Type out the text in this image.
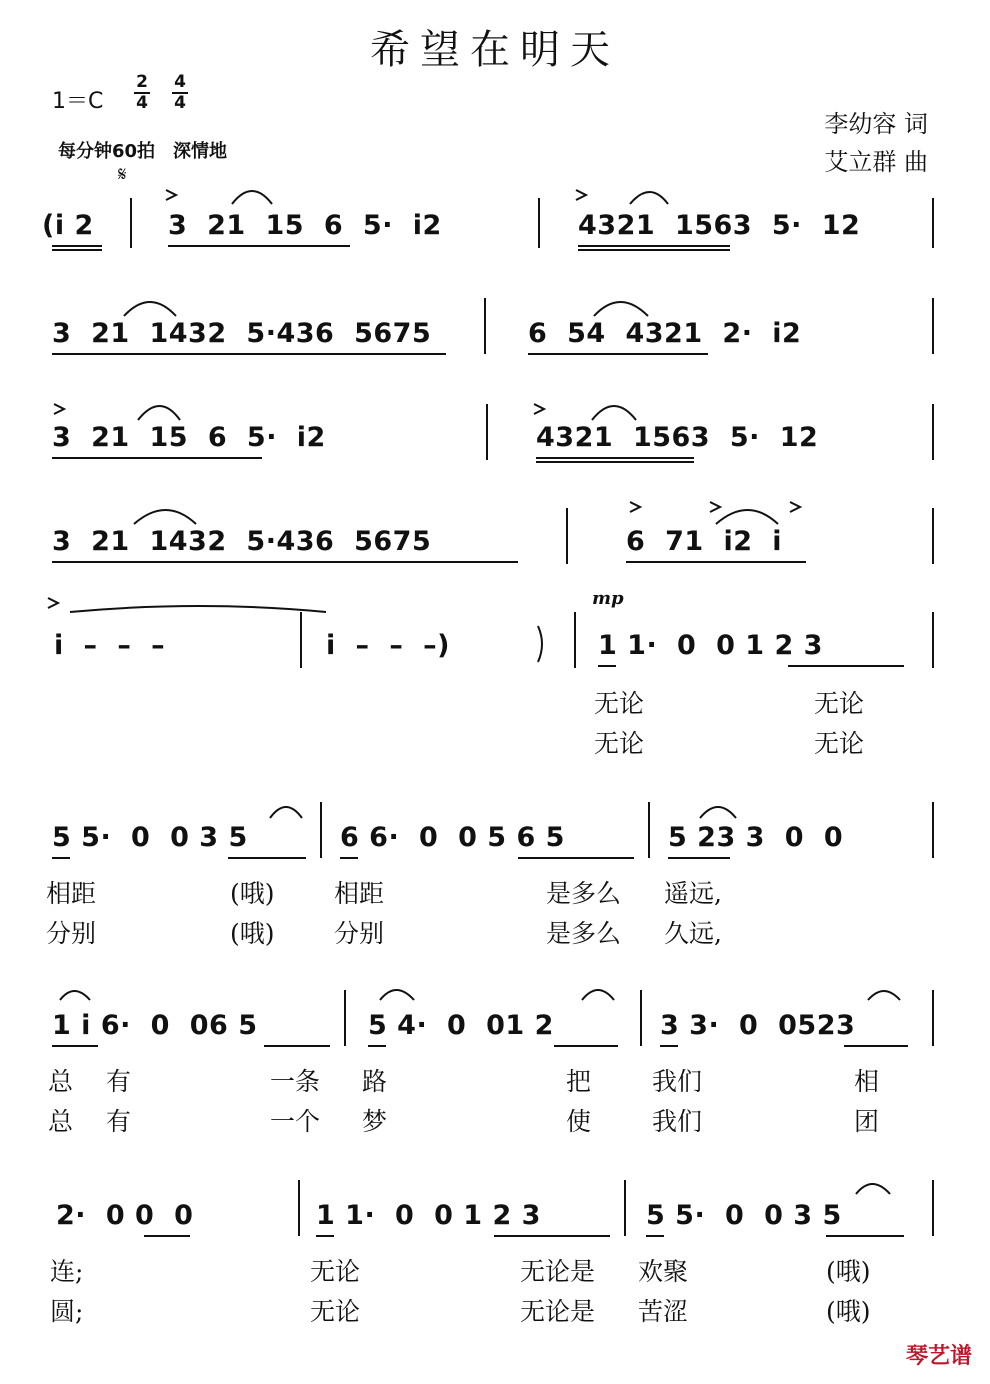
希望在明天
1＝C
2
4
4
4
每分钟60拍　深情地
李幼容 词
艾立群 曲
𝄋
(i 2	3  21  15  6  5·  i2	4321  1563  5·  12
3  21  1432  5·436  5675	6  54  4321  2·  i2
3  21  15  6  5·  i2	4321  1563  5·  12
3  21  1432  5·436  5675	6  71  i2  i
i  –  –  –	i  –  –  –)
mp
1 1·  0  0 1 2 3
无论	无论
无论	无论
5 5·  0  0 3 5	6 6·  0  0 5 6 5	5 23 3  0  0
相距	(哦) 相距	是多么 遥远,
分别	(哦) 分别	是多么 久远,
1 i 6·  0  06 5	5 4·  0  01 2	3 3·  0  0523
总 有	一条 路	把 我们	相
总 有	一个 梦	使 我们	团
2·  0 0  0	1 1·  0  0 1 2 3	5 5·  0  0 3 5
连;	无论	无论是 欢聚	(哦)
圆;	无论	无论是 苦涩	(哦)
琴艺谱
